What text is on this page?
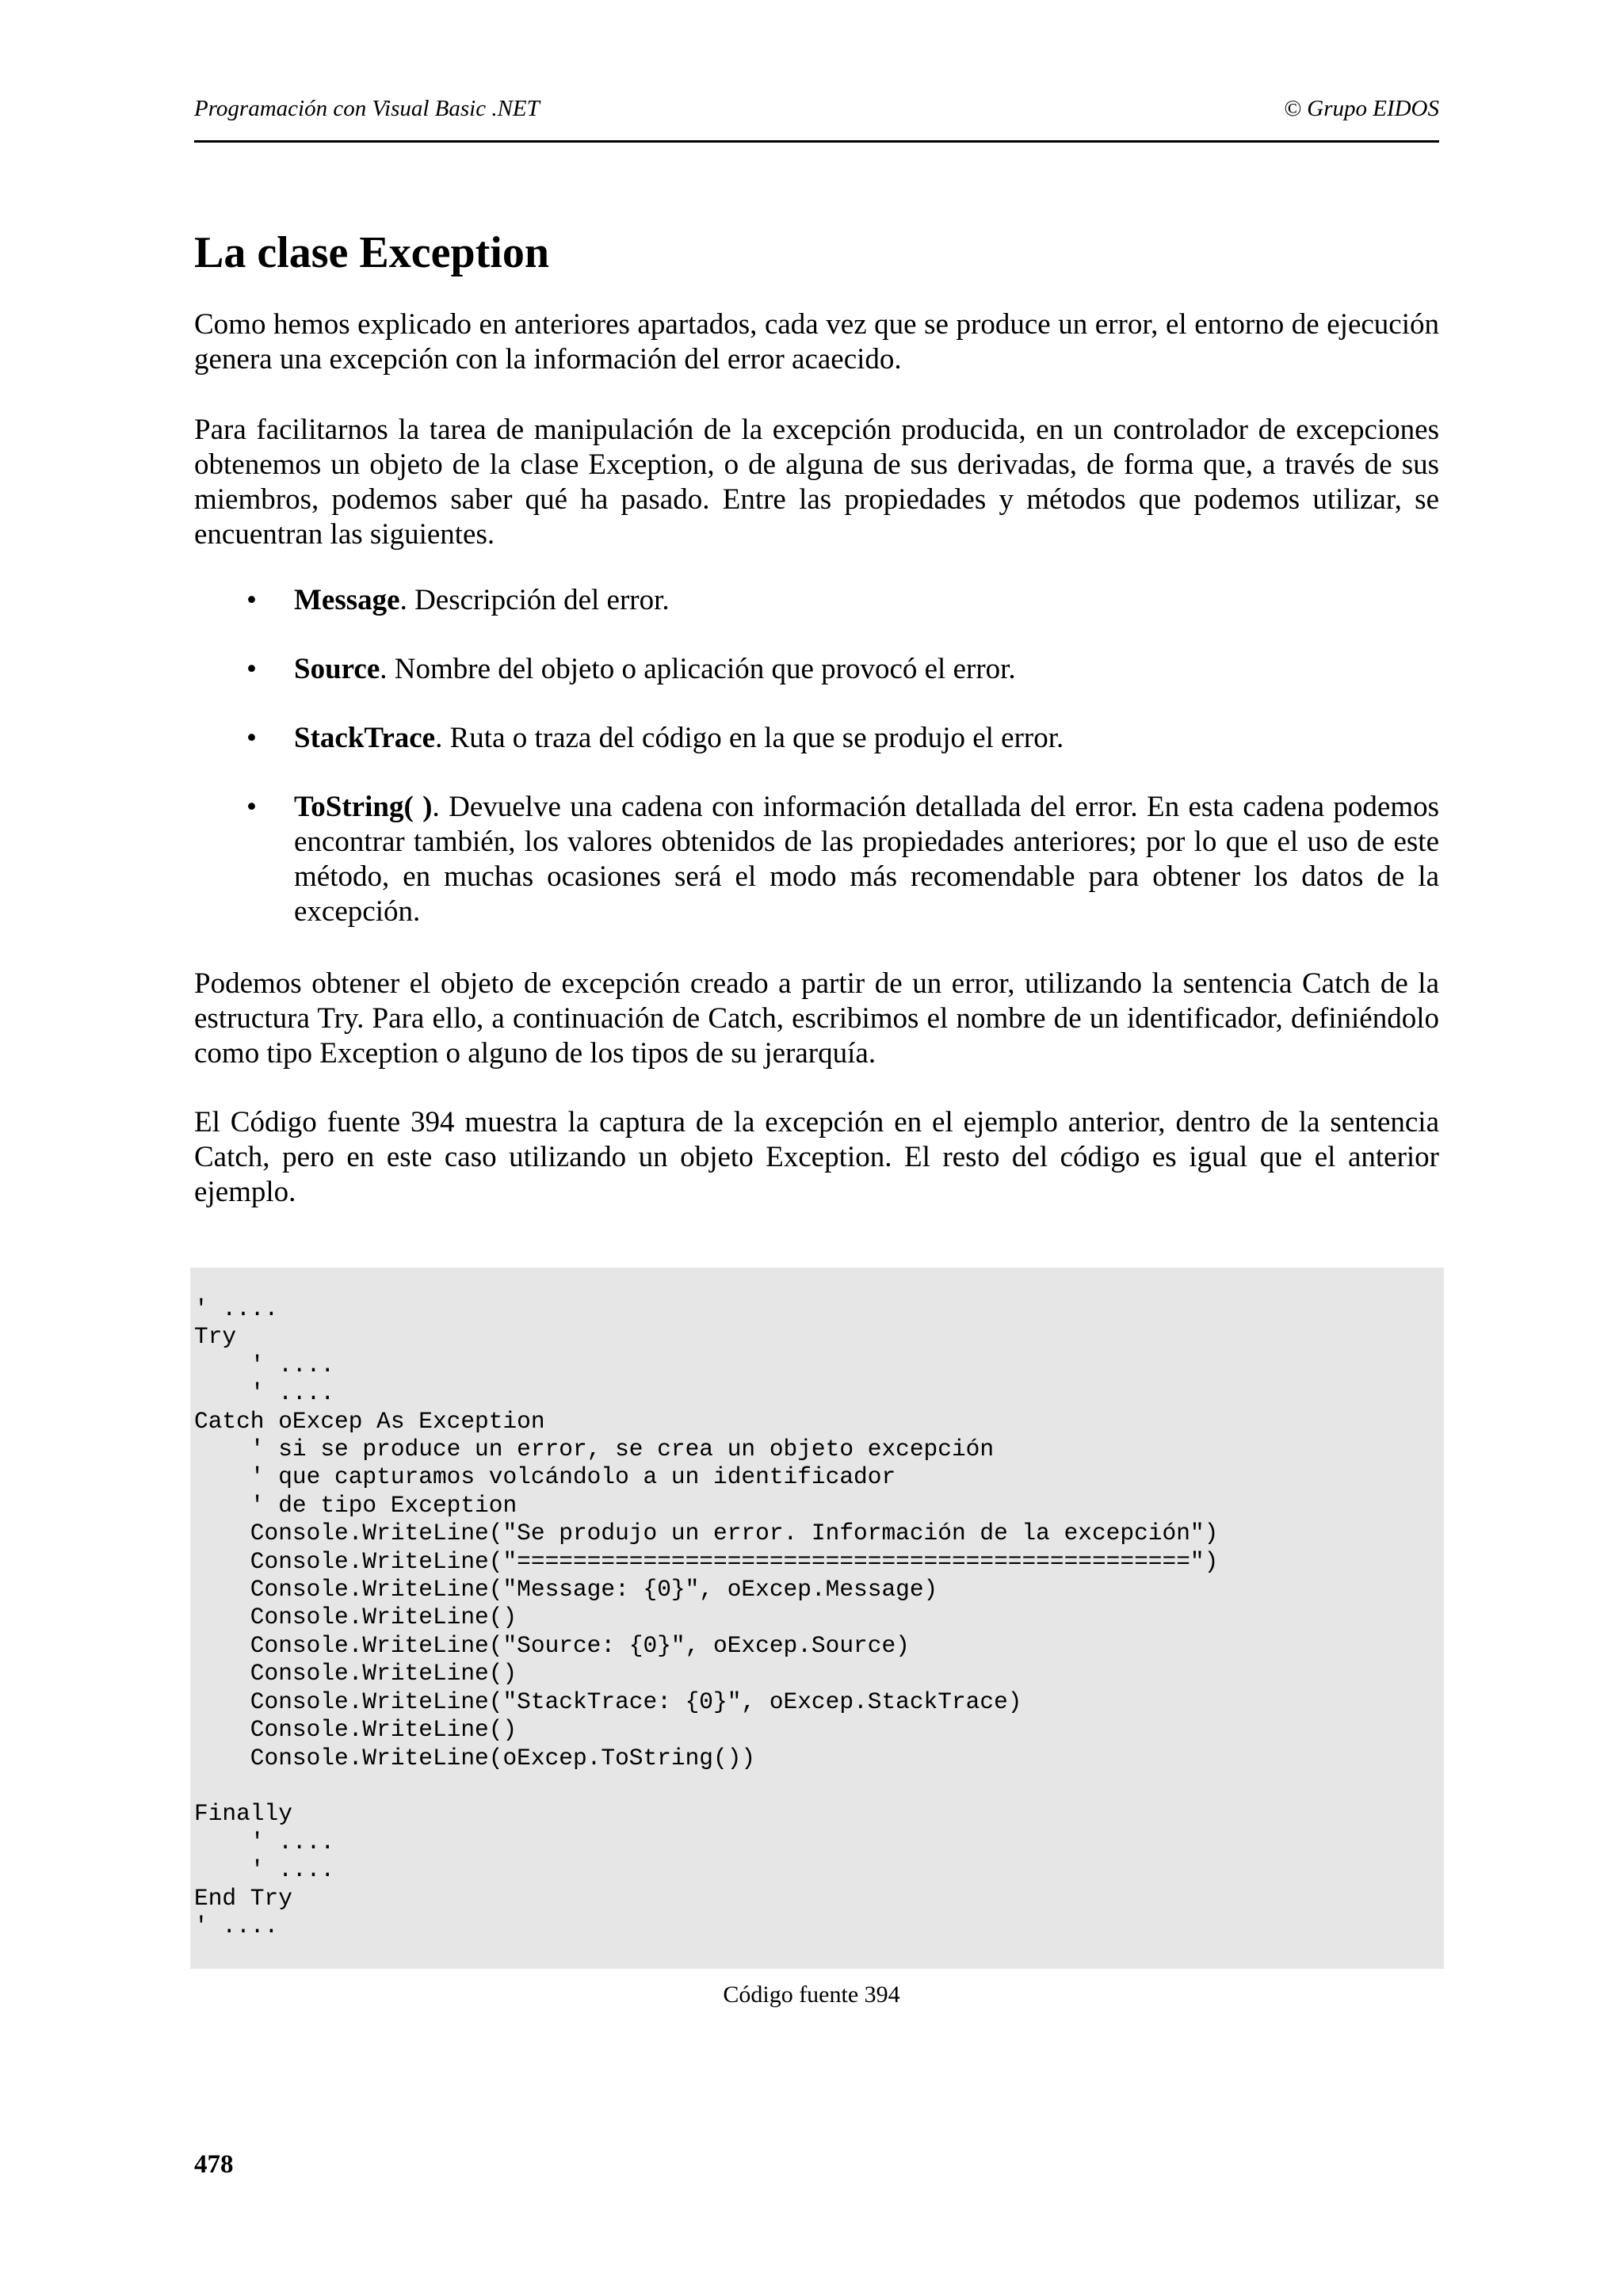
Programación con Visual Basic .NET	© Grupo EIDOS
La clase Exception

Como hemos explicado en anteriores apartados, cada vez que se produce un error, el entorno de ejecución genera una excepción con la información del error acaecido.

Para facilitarnos la tarea de manipulación de la excepción producida, en un controlador de excepciones obtenemos un objeto de la clase Exception, o de alguna de sus derivadas, de forma que, a través de sus miembros, podemos saber qué ha pasado. Entre las propiedades y métodos que podemos utilizar, se encuentran las siguientes.

• Message. Descripción del error.
• Source. Nombre del objeto o aplicación que provocó el error.
• StackTrace. Ruta o traza del código en la que se produjo el error.
• ToString( ). Devuelve una cadena con información detallada del error. En esta cadena podemos encontrar también, los valores obtenidos de las propiedades anteriores; por lo que el uso de este método, en muchas ocasiones será el modo más recomendable para obtener los datos de la excepción.

Podemos obtener el objeto de excepción creado a partir de un error, utilizando la sentencia Catch de la estructura Try. Para ello, a continuación de Catch, escribimos el nombre de un identificador, definiéndolo como tipo Exception o alguno de los tipos de su jerarquía.

El Código fuente 394 muestra la captura de la excepción en el ejemplo anterior, dentro de la sentencia Catch, pero en este caso utilizando un objeto Exception. El resto del código es igual que el anterior ejemplo.

' ....
Try
' ....
' ....
Catch oExcep As Exception
' si se produce un error, se crea un objeto excepción
' que capturamos volcándolo a un identificador
' de tipo Exception
Console.WriteLine("Se produjo un error. Información de la excepción")
Console.WriteLine("================================================")
Console.WriteLine("Message: {0}", oExcep.Message)
Console.WriteLine()
Console.WriteLine("Source: {0}", oExcep.Source)
Console.WriteLine()
Console.WriteLine("StackTrace: {0}", oExcep.StackTrace)
Console.WriteLine()
Console.WriteLine(oExcep.ToString())

Finally
' ....
' ....
End Try
' ....
Código fuente 394
478
